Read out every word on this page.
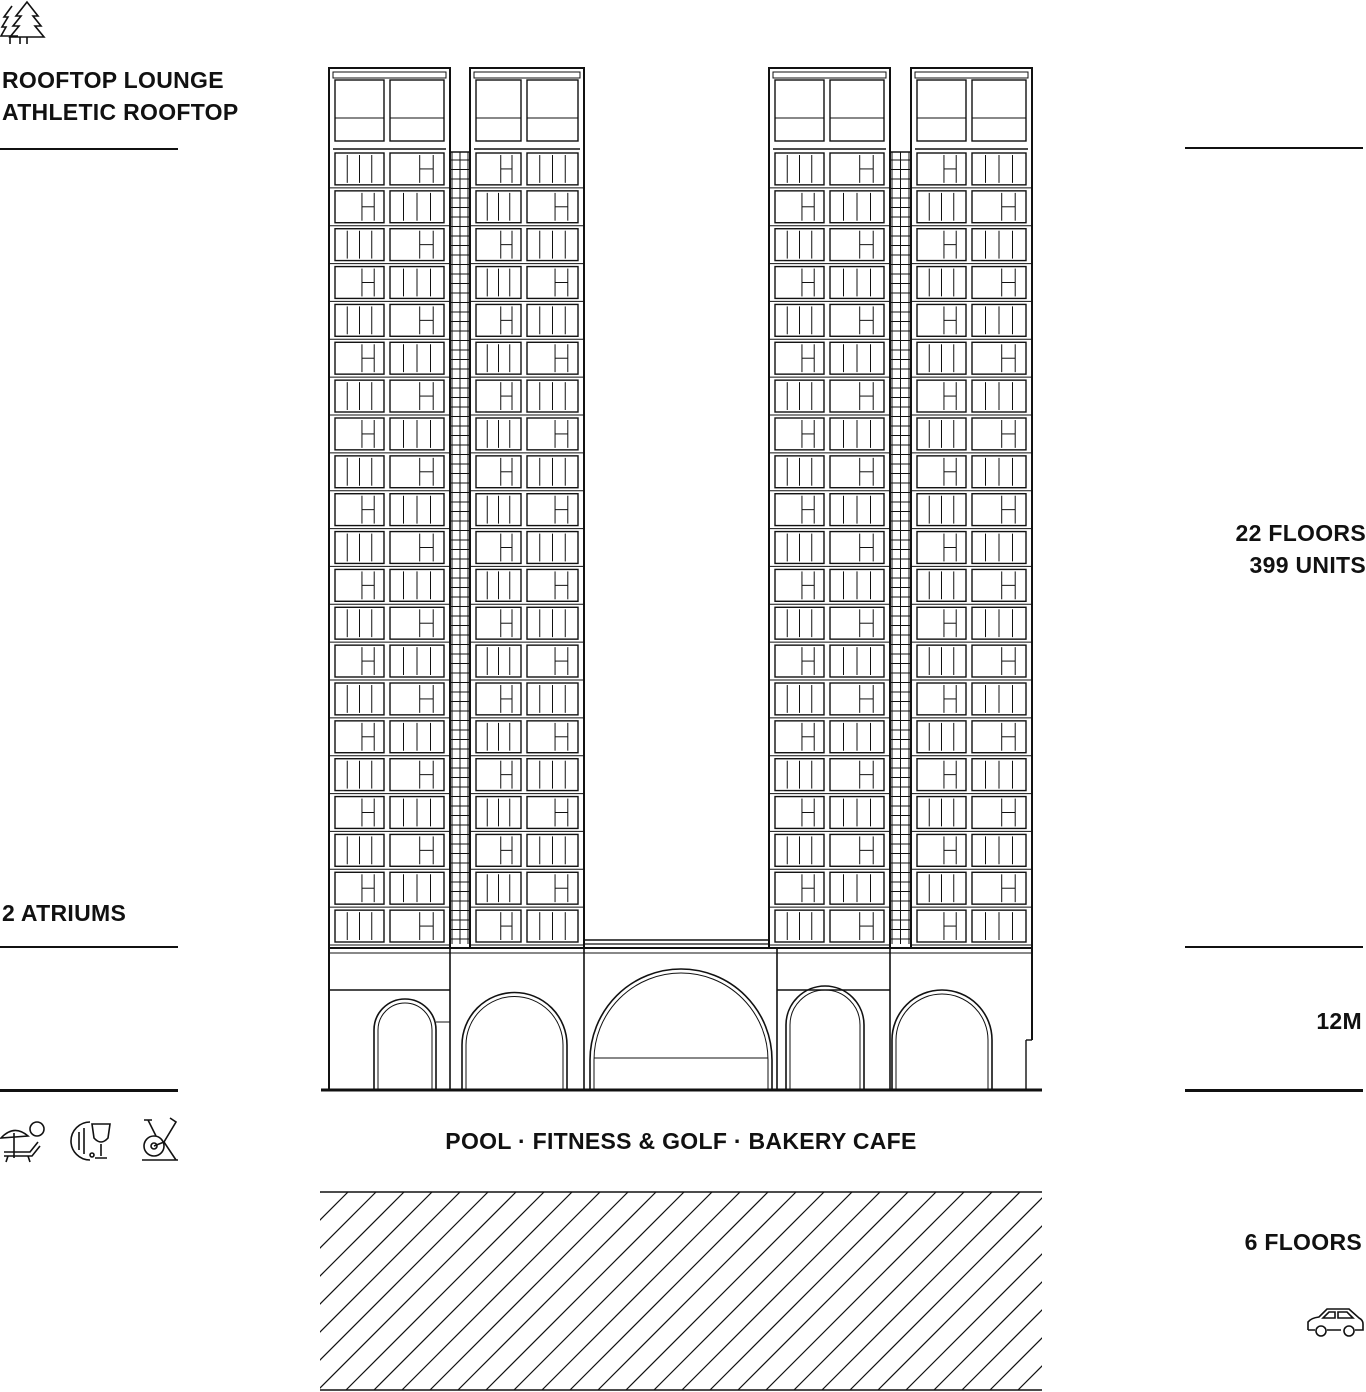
ROOFTOP LOUNGE
ATHLETIC ROOFTOP
2 ATRIUMS
22 FLOORS
399 UNITS
12M
6 FLOORS
POOL · FITNESS & GOLF · BAKERY CAFE
